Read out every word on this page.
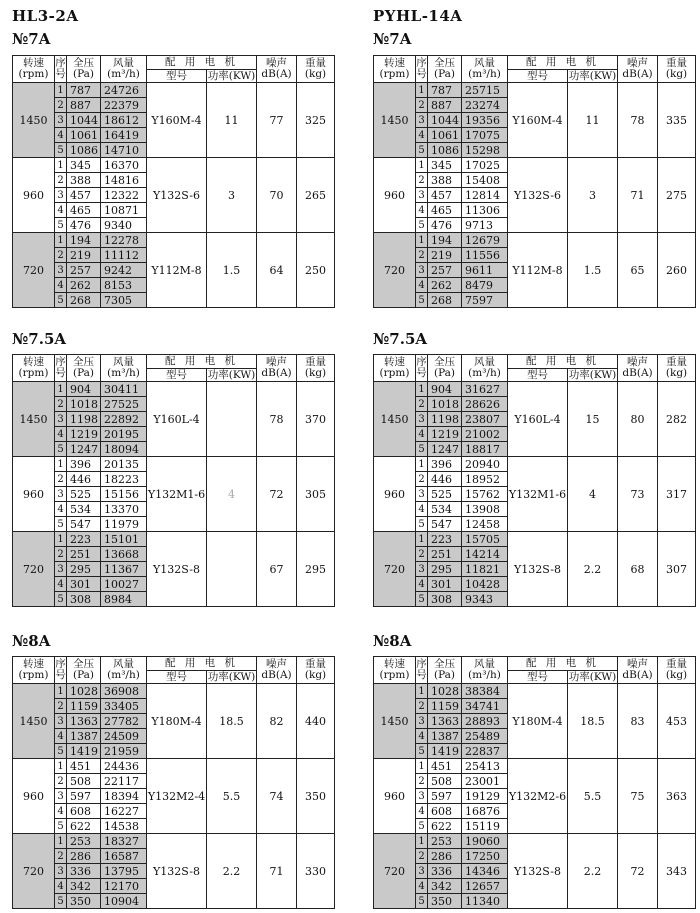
HL3-2A	PYHL-14A
№7A
转速
(rpm)	序
号	全压
(Pa)	风量
(m³/h)	配 用 电 机		噪声
dB(A)	重量
(kg)
				型号	功率(KW)		
1450	1	787	24726	Y160M-4	11	77	325
	2	887	22379				
	3	1044	18612				
	4	1061	16419				
	5	1086	14710				
960	1	345	16370	Y132S-6	3	70	265
	2	388	14816				
	3	457	12322				
	4	465	10871				
	5	476	9340				
720	1	194	12278	Y112M-8	1.5	64	250
	2	219	11112				
	3	257	9242				
	4	262	8153				
	5	268	7305				
№7A
转速
(rpm)	序
号	全压
(Pa)	风量
(m³/h)	配 用 电 机		噪声
dB(A)	重量
(kg)
				型号	功率(KW)		
1450	1	787	25715	Y160M-4	11	78	335
	2	887	23274				
	3	1044	19356				
	4	1061	17075				
	5	1086	15298				
960	1	345	17025	Y132S-6	3	71	275
	2	388	15408				
	3	457	12814				
	4	465	11306				
	5	476	9713				
720	1	194	12679	Y112M-8	1.5	65	260
	2	219	11556				
	3	257	9611				
	4	262	8479				
	5	268	7597				
№7.5A
转速
(rpm)	序
号	全压
(Pa)	风量
(m³/h)	配 用 电 机		噪声
dB(A)	重量
(kg)
				型号	功率(KW)		
1450	1	904	30411	Y160L-4		78	370
	2	1018	27525				
	3	1198	22892				
	4	1219	20195				
	5	1247	18094				
960	1	396	20135	Y132M1-6	4	72	305
	2	446	18223				
	3	525	15156				
	4	534	13370				
	5	547	11979				
720	1	223	15101	Y132S-8		67	295
	2	251	13668				
	3	295	11367				
	4	301	10027				
	5	308	8984				
№7.5A
转速
(rpm)	序
号	全压
(Pa)	风量
(m³/h)	配 用 电 机		噪声
dB(A)	重量
(kg)
				型号	功率(KW)		
1450	1	904	31627	Y160L-4	15	80	282
	2	1018	28626				
	3	1198	23807				
	4	1219	21002				
	5	1247	18817				
960	1	396	20940	Y132M1-6	4	73	317
	2	446	18952				
	3	525	15762				
	4	534	13908				
	5	547	12458				
720	1	223	15705	Y132S-8	2.2	68	307
	2	251	14214				
	3	295	11821				
	4	301	10428				
	5	308	9343				
№8A
转速
(rpm)	序
号	全压
(Pa)	风量
(m³/h)	配 用 电 机		噪声
dB(A)	重量
(kg)
				型号	功率(KW)		
1450	1	1028	36908	Y180M-4	18.5	82	440
	2	1159	33405				
	3	1363	27782				
	4	1387	24509				
	5	1419	21959				
960	1	451	24436	Y132M2-4	5.5	74	350
	2	508	22117				
	3	597	18394				
	4	608	16227				
	5	622	14538				
720	1	253	18327	Y132S-8	2.2	71	330
	2	286	16587				
	3	336	13795				
	4	342	12170				
	5	350	10904				
№8A
转速
(rpm)	序
号	全压
(Pa)	风量
(m³/h)	配 用 电 机		噪声
dB(A)	重量
(kg)
				型号	功率(KW)		
1450	1	1028	38384	Y180M-4	18.5	83	453
	2	1159	34741				
	3	1363	28893				
	4	1387	25489				
	5	1419	22837				
960	1	451	25413	Y132M2-6	5.5	75	363
	2	508	23001				
	3	597	19129				
	4	608	16876				
	5	622	15119				
720	1	253	19060	Y132S-8	2.2	72	343
	2	286	17250				
	3	336	14346				
	4	342	12657				
	5	350	11340				
